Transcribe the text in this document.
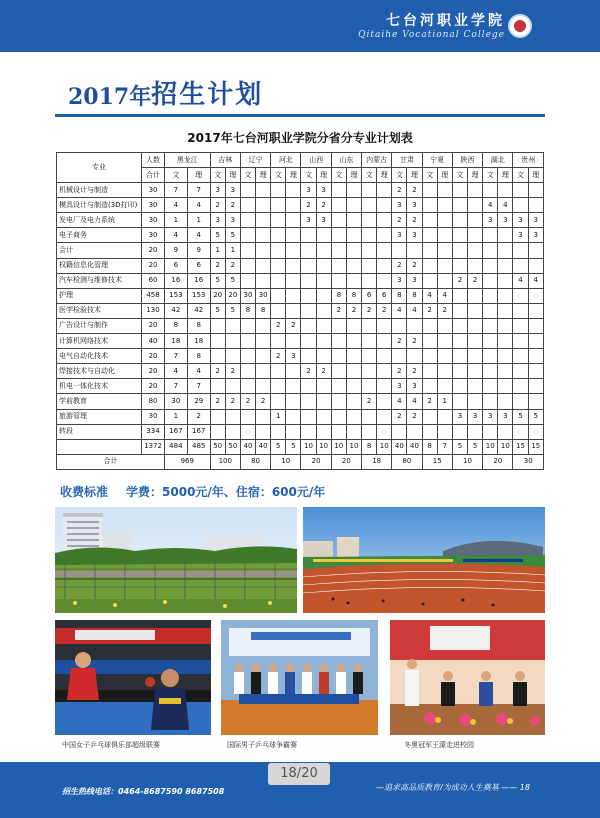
七台河职业学院
Qitaihe Vocational College
2017年招生计划
2017年七台河职业学院分省分专业计划表
专业	人数	黑龙江		吉林		辽宁		河北		山西		山东		内蒙古		甘肃		宁夏		陕西		湖北		贵州	
	合计	文	理	文	理	文	理	文	理	文	理	文	理	文	理	文	理	文	理	文	理	文	理	文	理
机械设计与制造	30	7	7	3	3					3	3					2	2								
模具设计与制造(3D打印)	30	4	4	2	2					2	2					3	3					4	4		
发电厂及电力系统	30	1	1	3	3					3	3					2	2					3	3	3	3
电子商务	30	4	4	5	5											3	3							3	3
会计	20	9	9	1	1																				
权籍信息化管理	20	6	6	2	2											2	2								
汽车检测与维修技术	60	16	16	5	5											3	3			2	2			4	4
护理	458	153	153	20	20	30	30					8	8	6	6	8	8	4	4						
医学检验技术	130	42	42	5	5	8	8					2	2	2	2	4	4	2	2						
广告设计与制作	20	8	8					2	2																
计算机网络技术	40	18	18													2	2								
电气自动化技术	20	7	8					2	3																
焊接技术与自动化	20	4	4	2	2					2	2					2	2								
机电一体化技术	20	7	7													3	3								
学前教育	80	30	29	2	2	2	2							2		4	4	2	1						
旅游管理	30	1	2					1								2	2			3	3	3	3	5	5
转段	334	167	167																						
	1372	484	485	50	50	40	40	5	5	10	10	10	10	8	10	40	40	8	7	5	5	10	10	15	15
合计		969		100		80		10		20		20		18		80		15		10		20		30	
收费标准 学费：5000元/年、住宿：600元/年
中国女子乒乓球俱乐部超级联赛	国际男子乒乓球争霸赛	冬奥冠军王濛走进校园
招生热线电话：0464-8687590 8687508	—追求高品质教育/为成功人生奠基 —— 18
18/20
